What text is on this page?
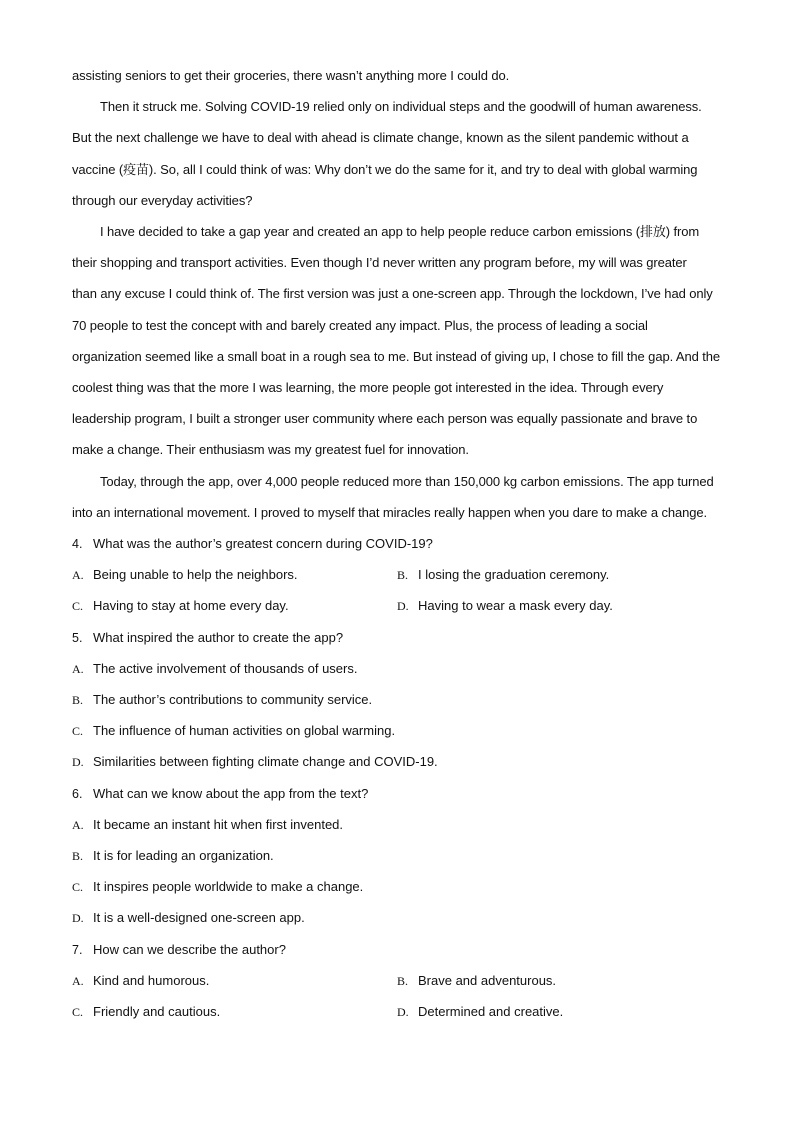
assisting seniors to get their groceries, there wasn’t anything more I could do.
Then it struck me. Solving COVID-19 relied only on individual steps and the goodwill of human awareness.
But the next challenge we have to deal with ahead is climate change, known as the silent pandemic without a
vaccine (疫苗). So, all I could think of was: Why don’t we do the same for it, and try to deal with global warming
through our everyday activities?
I have decided to take a gap year and created an app to help people reduce carbon emissions (排放) from
their shopping and transport activities. Even though I’d never written any program before, my will was greater
than any excuse I could think of. The first version was just a one-screen app. Through the lockdown, I’ve had only
70 people to test the concept with and barely created any impact. Plus, the process of leading a social
organization seemed like a small boat in a rough sea to me. But instead of giving up, I chose to fill the gap. And the
coolest thing was that the more I was learning, the more people got interested in the idea. Through every
leadership program, I built a stronger user community where each person was equally passionate and brave to
make a change. Their enthusiasm was my greatest fuel for innovation.
Today, through the app, over 4,000 people reduced more than 150,000 kg carbon emissions. The app turned
into an international movement. I proved to myself that miracles really happen when you dare to make a change.
4. What was the author’s greatest concern during COVID-19?
A. Being unable to help the neighbors.	B. I losing the graduation ceremony.
C. Having to stay at home every day.	D. Having to wear a mask every day.
5. What inspired the author to create the app?
A. The active involvement of thousands of users.
B. The author’s contributions to community service.
C. The influence of human activities on global warming.
D. Similarities between fighting climate change and COVID-19.
6. What can we know about the app from the text?
A. It became an instant hit when first invented.
B. It is for leading an organization.
C. It inspires people worldwide to make a change.
D. It is a well-designed one-screen app.
7. How can we describe the author?
A. Kind and humorous.	B. Brave and adventurous.
C. Friendly and cautious.	D. Determined and creative.
